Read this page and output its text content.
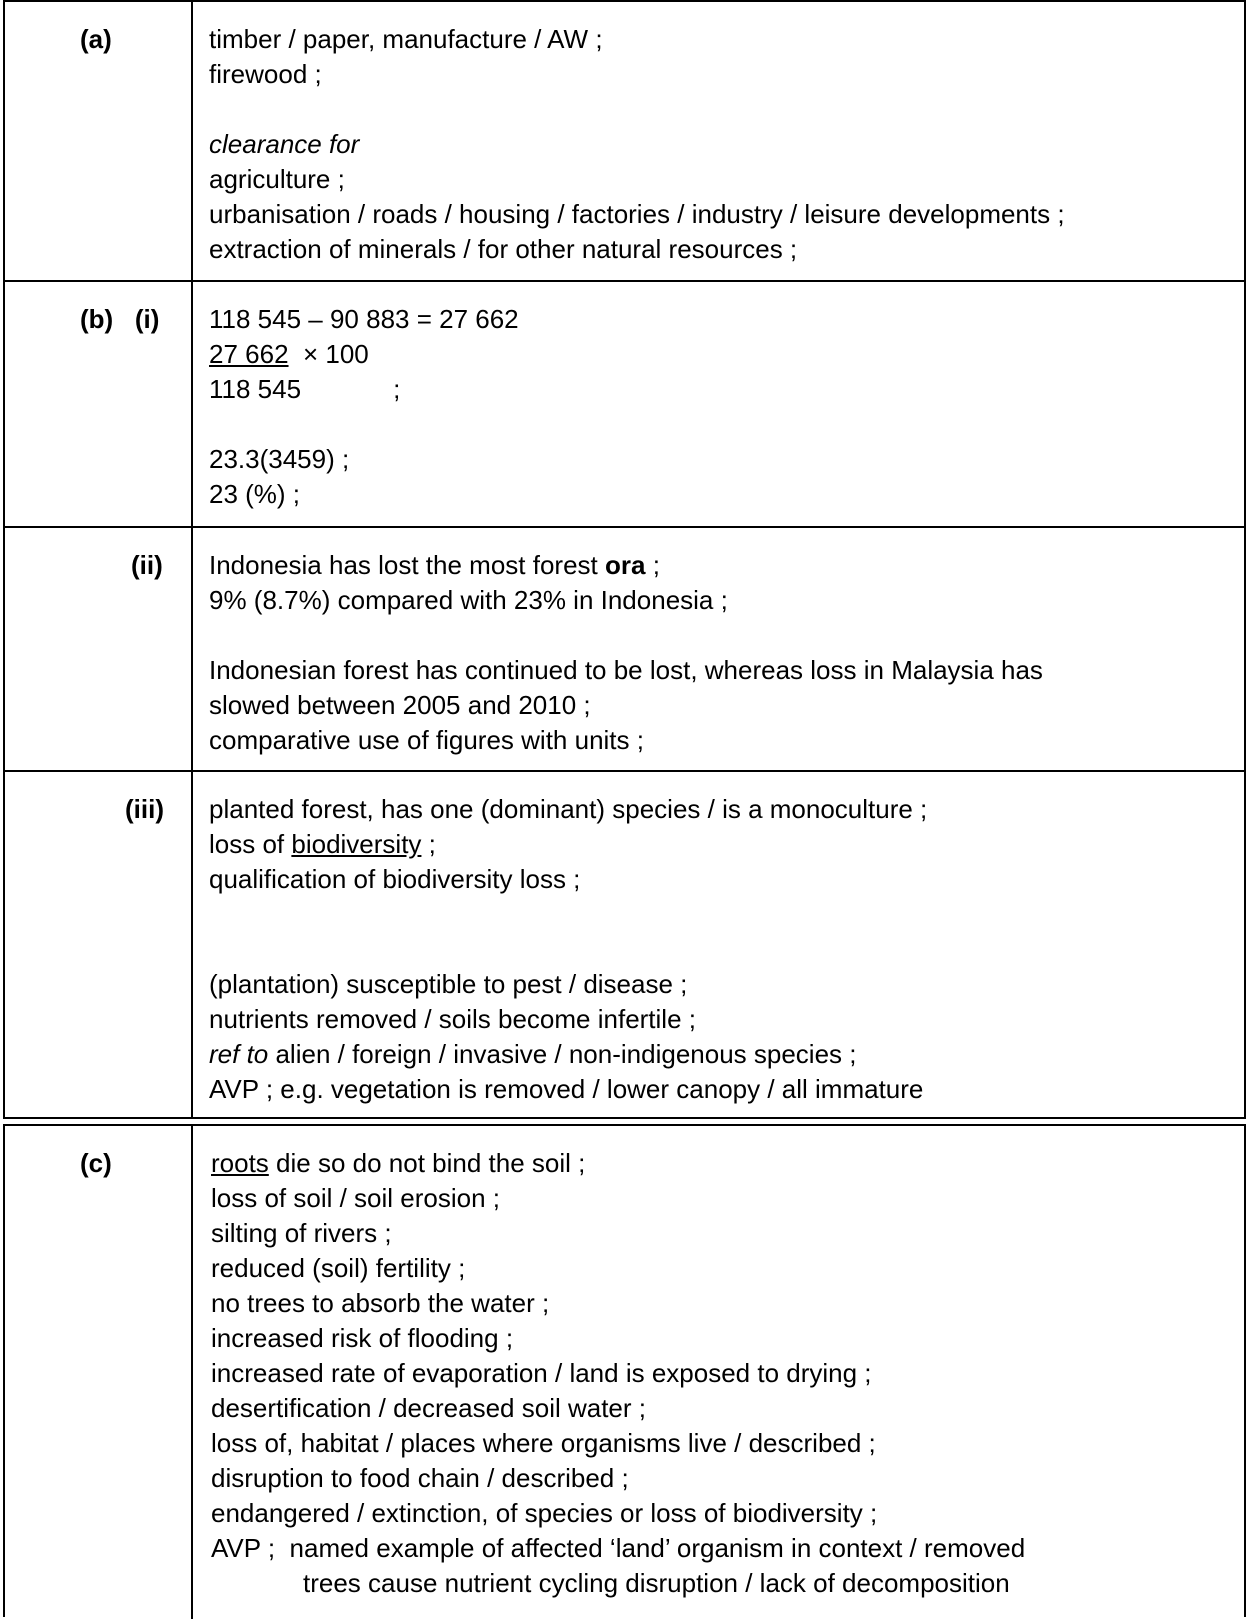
(a)	timber / paper, manufacture / AW ;
firewood ;
clearance for
agriculture ;
urbanisation / roads / housing / factories / industry / leisure developments ;
extraction of minerals / for other natural resources ;
(b)   (i) 118 545 – 90 883 = 27 662
27 662  × 100
118 545	;
23.3(3459) ;
23 (%) ;
(ii) Indonesia has lost the most forest ora ;
9% (8.7%) compared with 23% in Indonesia ;
Indonesian forest has continued to be lost, whereas loss in Malaysia has
slowed between 2005 and 2010 ;
comparative use of figures with units ;
(iii) planted forest, has one (dominant) species / is a monoculture ;
loss of biodiversity ;
qualification of biodiversity loss ;
(plantation) susceptible to pest / disease ;
nutrients removed / soils become infertile ;
ref to alien / foreign / invasive / non-indigenous species ;
AVP ; e.g. vegetation is removed / lower canopy / all immature
(c)	roots die so do not bind the soil ;
loss of soil / soil erosion ;
silting of rivers ;
reduced (soil) fertility ;
no trees to absorb the water ;
increased risk of flooding ;
increased rate of evaporation / land is exposed to drying ;
desertification / decreased soil water ;
loss of, habitat / places where organisms live / described ;
disruption to food chain / described ;
endangered / extinction, of species or loss of biodiversity ;
AVP ;  named example of affected ‘land’ organism in context / removed
trees cause nutrient cycling disruption / lack of decomposition
